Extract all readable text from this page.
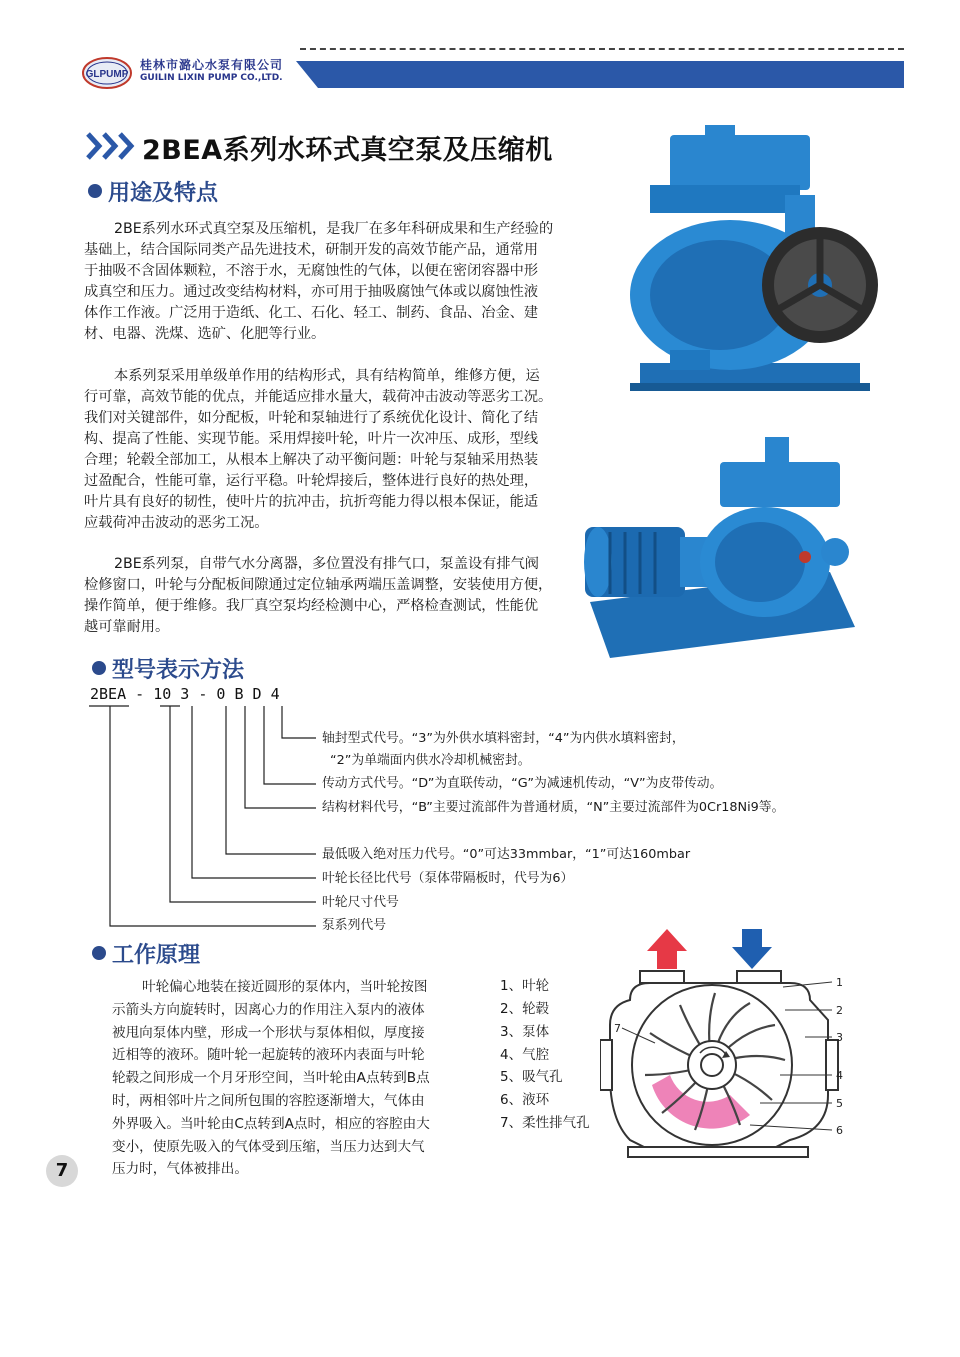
GLPUMP
桂林市潞心水泵有限公司
GUILIN LIXIN PUMP CO.,LTD.
2BEA系列水环式真空泵及压缩机
用途及特点
2BE系列水环式真空泵及压缩机，是我厂在多年科研成果和生产经验的
基础上，结合国际同类产品先进技术，研制开发的高效节能产品，通常用
于抽吸不含固体颗粒，不溶于水，无腐蚀性的气体，以便在密闭容器中形
成真空和压力。通过改变结构材料，亦可用于抽吸腐蚀气体或以腐蚀性液
体作工作液。广泛用于造纸、化工、石化、轻工、制药、食品、冶金、建
材、电器、洗煤、选矿、化肥等行业。
本系列泵采用单级单作用的结构形式，具有结构简单，维修方便，运
行可靠，高效节能的优点，并能适应排水量大，载荷冲击波动等恶劣工况。
我们对关键部件，如分配板，叶轮和泵轴进行了系统优化设计、简化了结
构、提高了性能、实现节能。采用焊接叶轮，叶片一次冲压、成形，型线
合理；轮毂全部加工，从根本上解决了动平衡问题：叶轮与泵轴采用热装
过盈配合，性能可靠，运行平稳。叶轮焊接后，整体进行良好的热处理，
叶片具有良好的韧性，使叶片的抗冲击，抗折弯能力得以根本保证，能适
应载荷冲击波动的恶劣工况。
2BE系列泵，自带气水分离器，多位置没有排气口，泵盖设有排气阀
检修窗口，叶轮与分配板间隙通过定位轴承两端压盖调整，安装使用方便，
操作简单，便于维修。我厂真空泵均经检测中心，严格检查测试，性能优
越可靠耐用。
型号表示方法
2BEA - 10 3 - 0 B D 4
轴封型式代号。“3”为外供水填料密封，“4”为内供水填料密封，
“2”为单端面内供水冷却机械密封。
传动方式代号。“D”为直联传动，“G”为减速机传动，“V”为皮带传动。
结构材料代号，“B”主要过流部件为普通材质，“N”主要过流部件为0Cr18Ni9等。
最低吸入绝对压力代号。“0”可达33mmbar，“1”可达160mbar
叶轮长径比代号（泵体带隔板时，代号为6）
叶轮尺寸代号
泵系列代号
工作原理
叶轮偏心地装在接近圆形的泵体内，当叶轮按图
示箭头方向旋转时，因离心力的作用注入泵内的液体
被甩向泵体内壁，形成一个形状与泵体相似，厚度接
近相等的液环。随叶轮一起旋转的液环内表面与叶轮
轮毂之间形成一个月牙形空间，当叶轮由A点转到B点
时，两相邻叶片之间所包围的容腔逐渐增大，气体由
外界吸入。当叶轮由C点转到A点时，相应的容腔由大
变小，使原先吸入的气体受到压缩，当压力达到大气
压力时，气体被排出。
1、叶轮
2、轮毂
3、泵体
4、气腔
5、吸气孔
6、液环
7、柔性排气孔
1
2
3
4
5
6
7
7
